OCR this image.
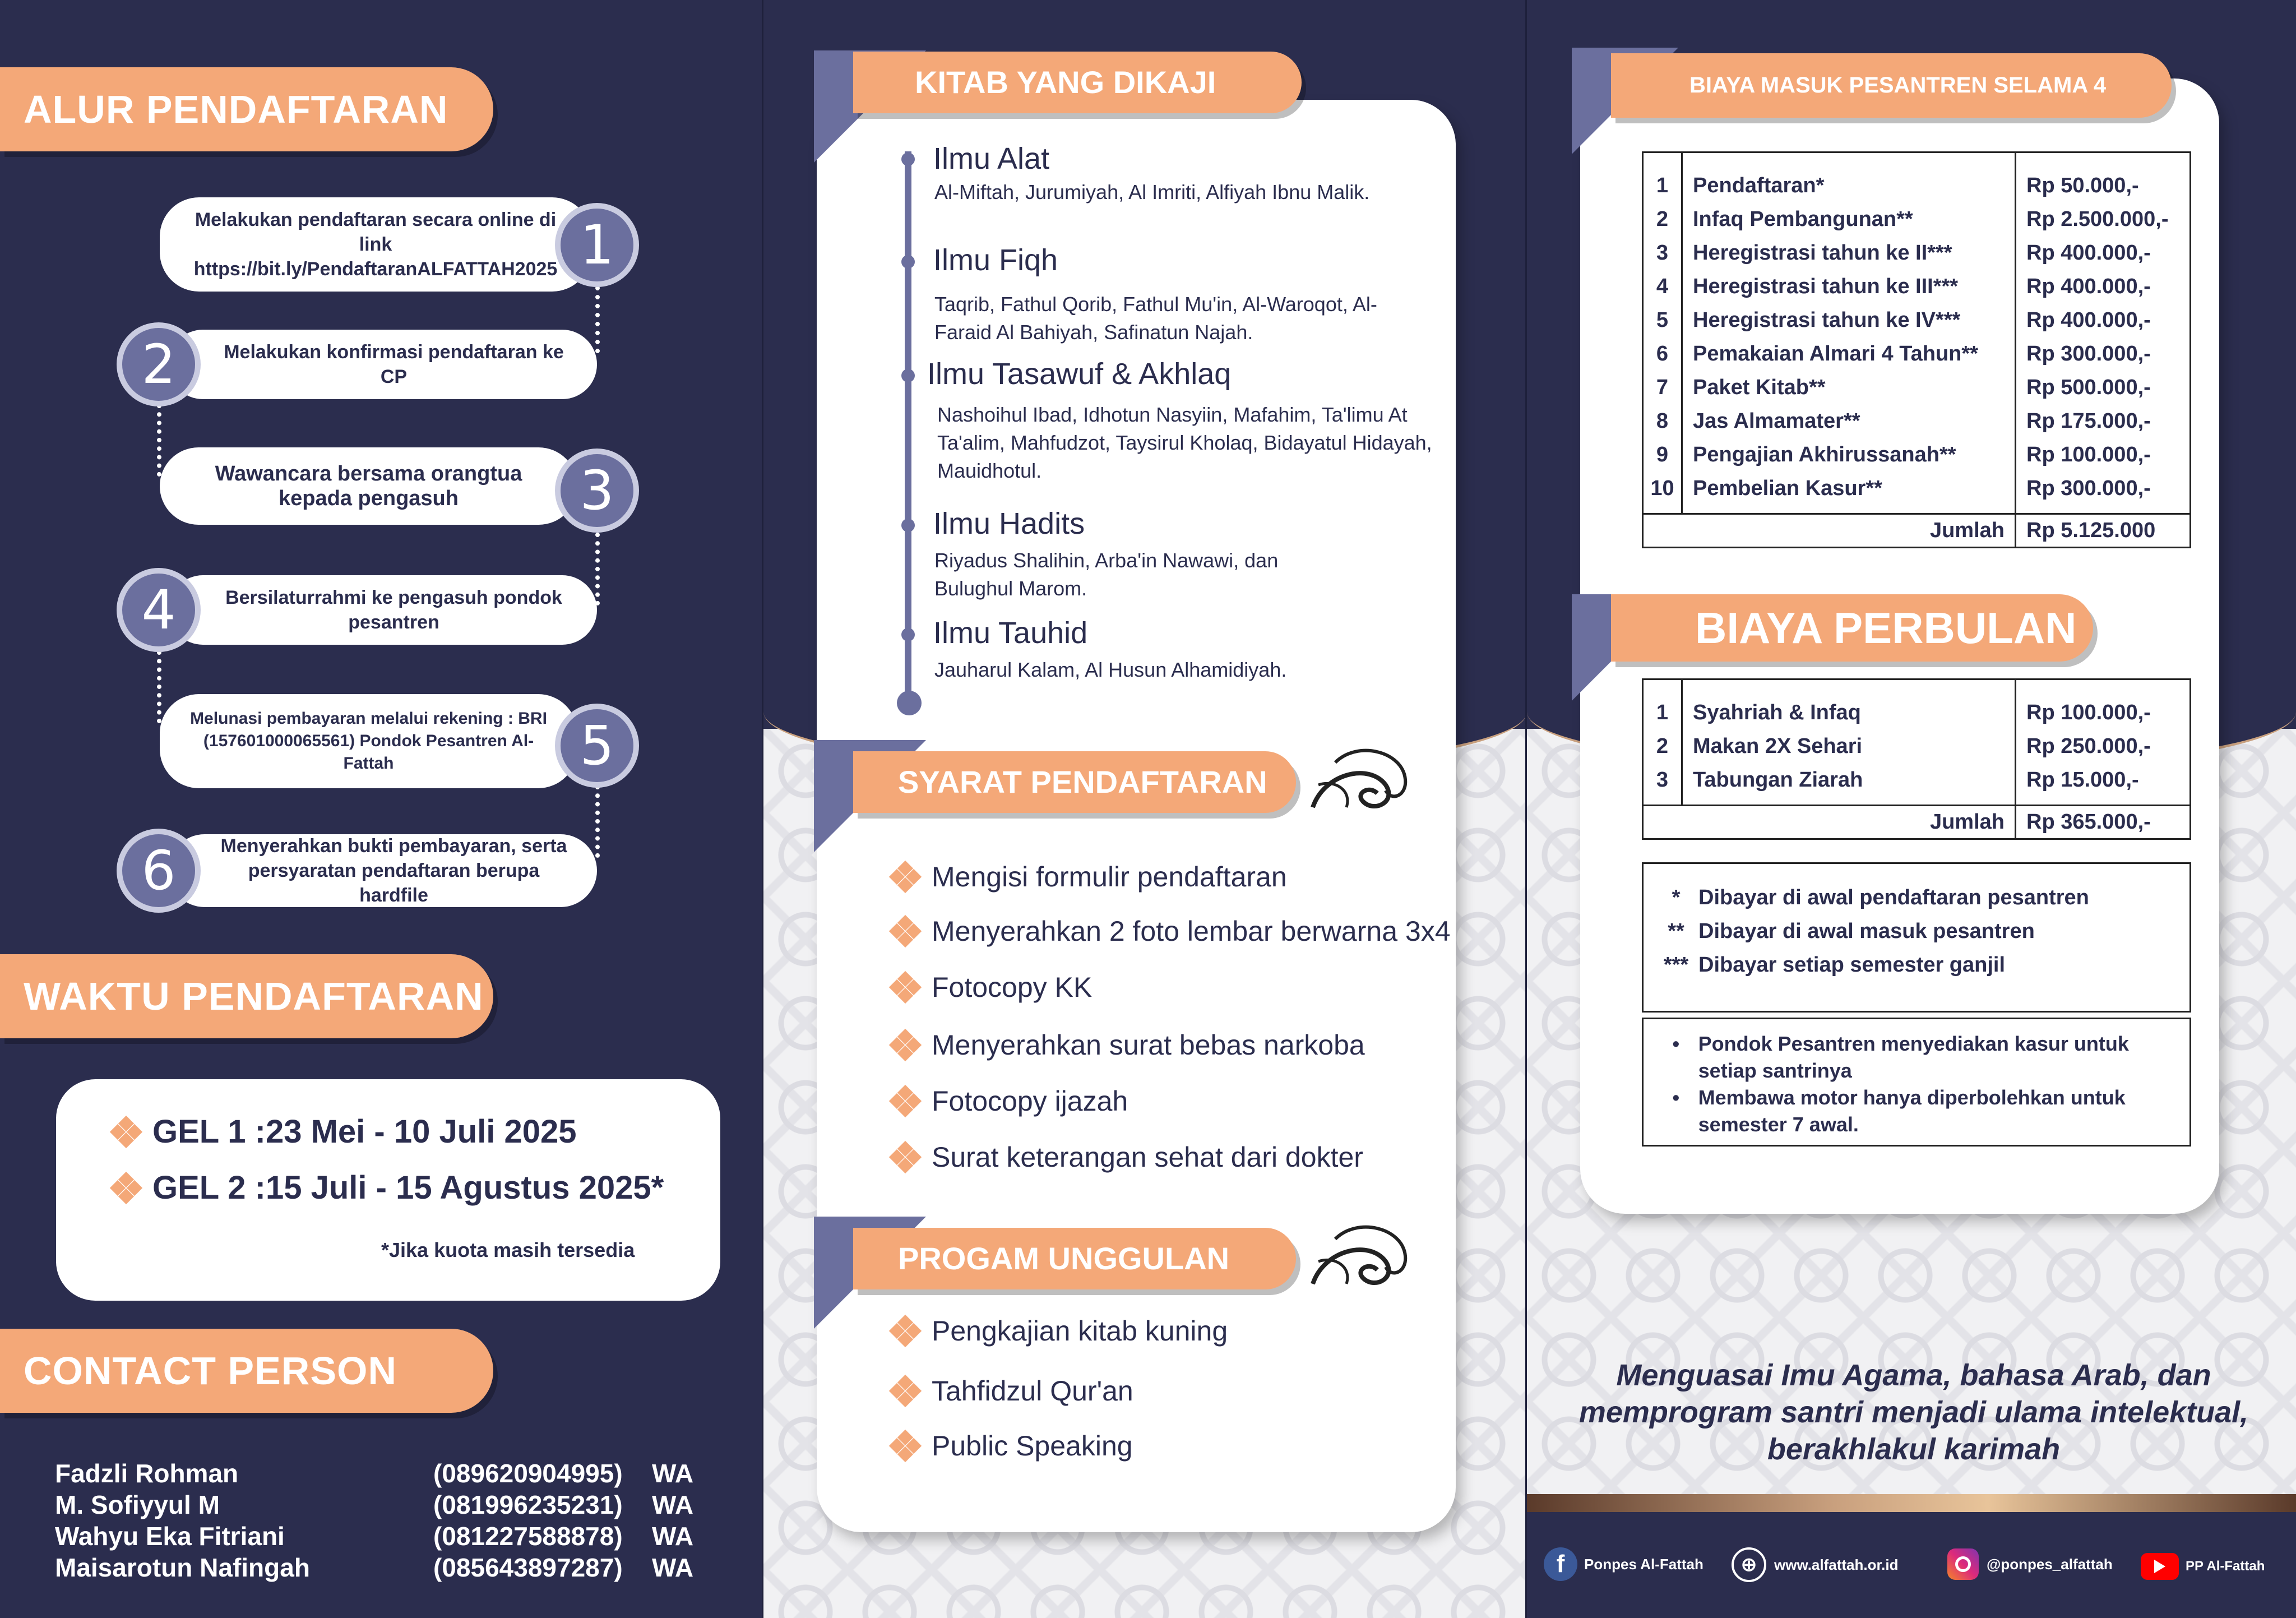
ALUR PENDAFTARAN
Melakukan pendaftaran secara online di link https://bit.ly/PendaftaranALFATTAH2025 1
Melakukan konfirmasi pendaftaran ke CP
2
Wawancara bersama orangtua kepada pengasuh	3
Bersilaturrahmi ke pengasuh pondok pesantren
4
Melunasi pembayaran melalui rekening : BRI (157601000065561) Pondok Pesantren Al-Fattah	5
Menyerahkan bukti pembayaran, serta persyaratan pendaftaran berupa hardfile
6
WAKTU PENDAFTARAN
GEL 1 :23 Mei - 10 Juli 2025
GEL 2 :15 Juli - 15 Agustus 2025*
*Jika kuota masih tersedia
CONTACT PERSON
Fadzli Rohman	(089620904995)	WA
M. Sofiyyul M	(081996235231)	WA
Wahyu Eka Fitriani	(081227588878)	WA
Maisarotun Nafingah	(085643897287)	WA
KITAB YANG DIKAJI
Ilmu Alat
Al-Miftah, Jurumiyah, Al Imriti, Alfiyah Ibnu Malik.
Ilmu Fiqh
Taqrib, Fathul Qorib, Fathul Mu'in, Al-Waroqot, Al-Faraid Al Bahiyah, Safinatun Najah.
Ilmu Tasawuf & Akhlaq
Nashoihul Ibad, Idhotun Nasyiin, Mafahim, Ta'limu At Ta'alim, Mahfudzot, Taysirul Kholaq, Bidayatul Hidayah, Mauidhotul.
Ilmu Hadits
Riyadus Shalihin, Arba'in Nawawi, dan Bulughul Marom.
Ilmu Tauhid
Jauharul Kalam, Al Husun Alhamidiyah.
SYARAT PENDAFTARAN
Mengisi formulir pendaftaran
Menyerahkan 2 foto lembar berwarna 3x4
Fotocopy KK
Menyerahkan surat bebas narkoba
Fotocopy ijazah
Surat keterangan sehat dari dokter
PROGAM UNGGULAN
Pengkajian kitab kuning
Tahfidzul Qur'an
Public Speaking
BIAYA MASUK PESANTREN SELAMA 4 TAHUN

1	Pendaftaran*	Rp 50.000,-
2	Infaq Pembangunan**	Rp 2.500.000,-
3	Heregistrasi tahun ke II***	Rp 400.000,-
4	Heregistrasi tahun ke III***	Rp 400.000,-
5	Heregistrasi tahun ke IV***	Rp 400.000,-
6	Pemakaian Almari 4 Tahun**	Rp 300.000,-
7	Paket Kitab**	Rp 500.000,-
8	Jas Almamater**	Rp 175.000,-
9	Pengajian Akhirussanah**	Rp 100.000,-
10	Pembelian Kasur**	Rp 300.000,-

Jumlah		Rp 5.125.000
BIAYA PERBULAN

1	Syahriah & Infaq	Rp 100.000,-
2	Makan 2X Sehari	Rp 250.000,-
3	Tabungan Ziarah	Rp 15.000,-

Jumlah		Rp 365.000,-
* Dibayar di awal pendaftaran pesantren
** Dibayar di awal masuk pesantren
*** Dibayar setiap semester ganjil
• Pondok Pesantren menyediakan kasur untuk setiap santrinya
• Membawa motor hanya diperbolehkan untuk semester 7 awal.
Menguasai Imu Agama, bahasa Arab, dan memprogram santri menjadi ulama intelektual, berakhlakul karimah
f	Ponpes Al-Fattah	⊕	www.alfattah.or.id	@ponpes_alfattah	PP Al-Fattah
